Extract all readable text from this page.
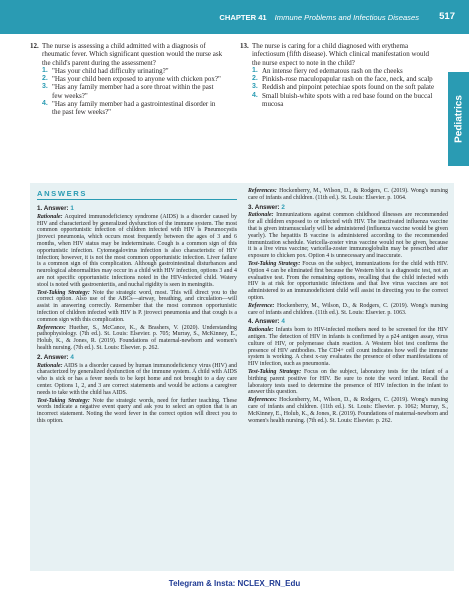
CHAPTER 41 Immune Problems and Infectious Diseases 517
Pediatrics
12. The nurse is assessing a child admitted with a diagnosis of rheumatic fever. Which significant question would the nurse ask the child's parent during the assessment?
1. "Has your child had difficulty urinating?"
2. "Has your child been exposed to anyone with chicken pox?"
3. "Has any family member had a sore throat within the past few weeks?"
4. "Has any family member had a gastrointestinal disorder in the past few weeks?"
13. The nurse is caring for a child diagnosed with erythema infectiosum (fifth disease). Which clinical manifestation would the nurse expect to note in the child?
1. An intense fiery red edematous rash on the cheeks
2. Pinkish-rose maculopapular rash on the face, neck, and scalp
3. Reddish and pinpoint petechiae spots found on the soft palate
4. Small bluish-white spots with a red base found on the buccal mucosa
ANSWERS
1. Answer: 1
Rationale: Acquired immunodeficiency syndrome (AIDS) is a disorder caused by HIV and characterized by generalized dysfunction of the immune system. The most common opportunistic infection of children infected with HIV is Pneumocystis jiroveci pneumonia, which occurs most frequently between the ages of 3 and 6 months, when HIV status may be indeterminate. Cough is a common sign of this opportunistic infection. Cytomegalovirus infection is also characteristic of HIV infection; however, it is not the most common opportunistic infection. Liver failure is a common sign of this complication. Although gastrointestinal disturbances and neurological abnormalities may occur in a child with HIV infection, options 3 and 4 are not specific opportunistic infections noted in the HIV-infected child. Watery stool is noted with gastroenteritis, and nuchal rigidity is seen in meningitis.
Test-Taking Strategy: Note the strategic word, most. This will direct you to the correct option. Also use of the ABCs—airway, breathing, and circulation—will assist in answering correctly. Remember that the most common opportunistic infection of children infected with HIV is P. jiroveci pneumonia and that cough is a common sign with this complication.
References: Huether, S., McCance, K., & Brashers, V. (2020). Understanding pathophysiology. (7th ed.). St. Louis: Elsevier. p. 705; Murray, S., McKinney, E., Holub, K., & Jones, R. (2019). Foundations of maternal-newborn and women's health nursing. (7th ed.). St. Louis: Elsevier. p. 262.
2. Answer: 4
Rationale: AIDS is a disorder caused by human immunodeficiency virus (HIV) and characterized by generalized dysfunction of the immune system. A child with AIDS who is sick or has a fever needs to be kept home and not brought to a day care center. Options 1, 2, and 3 are correct statements and would be actions a caregiver needs to take with the child has AIDS.
Test-Taking Strategy: Note the strategic words, need for further teaching. These words indicate a negative event query and ask you to select an option that is an incorrect statement. Noting the word fever in the correct option will direct you to this option.
References: Hockenberry, M., Wilson, D., & Rodgers, C. (2019). Wong's nursing care of infants and children. (11th ed.). St. Louis: Elsevier. p. 1064.
3. Answer: 2
Rationale: Immunizations against common childhood illnesses are recommended for all children exposed to or infected with HIV. The inactivated influenza vaccine that is given intramuscularly will be administered (influenza vaccine would be given yearly). The hepatitis B vaccine is administered according to the recommended immunization schedule. Varicella-zoster virus vaccine would not be given, because it is a live virus vaccine; varicella-zoster immunoglobulin may be prescribed after exposure to chicken pox. Option 4 is unnecessary and inaccurate.
Test-Taking Strategy: Focus on the subject, immunizations for the child with HIV. Option 4 can be eliminated first because the Western blot is a diagnostic test, not an evaluative test. From the remaining options, recalling that the child infected with HIV is at risk for opportunistic infections and that live virus vaccines are not administered to an immunodeficient child will assist in directing you to the correct option.
Reference: Hockenberry, M., Wilson, D., & Rodgers, C. (2019). Wong's nursing care of infants and children. (11th ed.). St. Louis: Elsevier. p. 1063.
4. Answer: 4
Rationale: Infants born to HIV-infected mothers need to be screened for the HIV antigen. The detection of HIV in infants is confirmed by a p24 antigen assay, virus culture of HIV, or polymerase chain reaction. A Western blot test confirms the presence of HIV antibodies. The CD4+ cell count indicates how well the immune system is working. A chest x-ray evaluates the presence of other manifestations of HIV infection, such as pneumonia.
Test-Taking Strategy: Focus on the subject, laboratory tests for the infant of a birthing parent positive for HIV. Be sure to note the word infant. Recall the laboratory tests used to determine the presence of HIV infection in the infant to answer this question.
References: Hockenberry, M., Wilson, D., & Rodgers, C. (2019). Wong's nursing care of infants and children. (11th ed.). St. Louis: Elsevier. p. 1062; Murray, S., McKinney, E., Holub, K., & Jones, R. (2019). Foundations of maternal-newborn and women's health nursing. (7th ed.). St. Louis: Elsevier. p. 262.
Telegram & Insta: NCLEX_RN_Edu
